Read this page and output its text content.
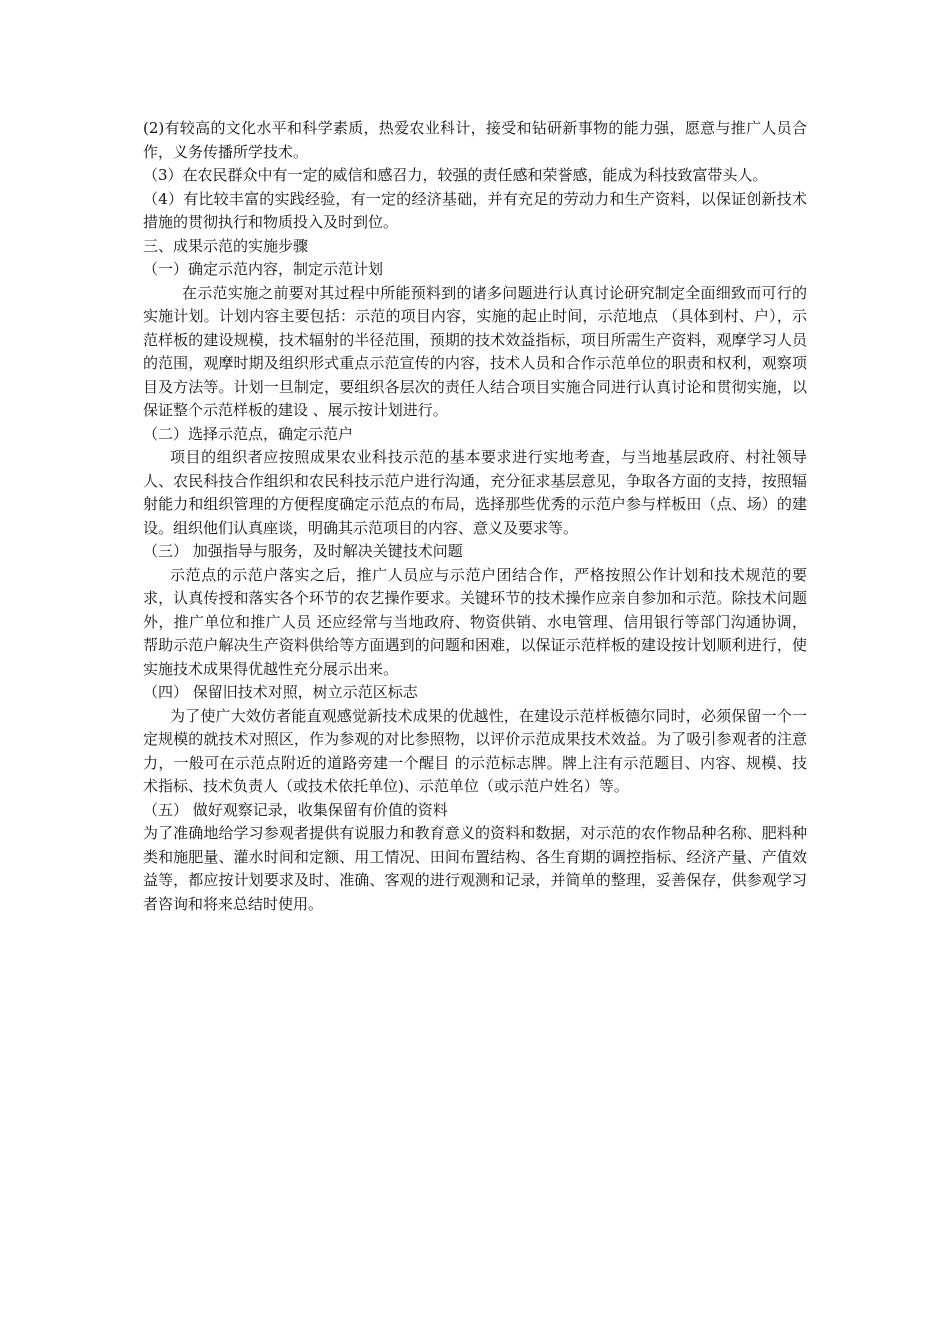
(2)有较高的文化水平和科学素质，热爱农业科计，接受和钻研新事物的能力强，愿意与推广人员合作，义务传播所学技术。

（3）在农民群众中有一定的威信和感召力，较强的责任感和荣誉感，能成为科技致富带头人。

（4）有比较丰富的实践经验，有一定的经济基础，并有充足的劳动力和生产资料，以保证创新技术措施的贯彻执行和物质投入及时到位。

三、成果示范的实施步骤

（一）确定示范内容，制定示范计划

在示范实施之前要对其过程中所能预料到的诸多问题进行认真讨论研究制定全面细致而可行的实施计划。计划内容主要包括：示范的项目内容，实施的起止时间，示范地点 （具体到村、户），示范样板的建设规模，技术辐射的半径范围，预期的技术效益指标，项目所需生产资料，观摩学习人员的范围，观摩时期及组织形式重点示范宣传的内容，技术人员和合作示范单位的职责和权利，观察项目及方法等。计划一旦制定，要组织各层次的责任人结合项目实施合同进行认真讨论和贯彻实施，以保证整个示范样板的建设 、展示按计划进行。

（二）选择示范点，确定示范户

项目的组织者应按照成果农业科技示范的基本要求进行实地考查，与当地基层政府、村社领导人、农民科技合作组织和农民科技示范户进行沟通，充分征求基层意见，争取各方面的支持，按照辐射能力和组织管理的方便程度确定示范点的布局，选择那些优秀的示范户参与样板田（点、场）的建设。组织他们认真座谈，明确其示范项目的内容、意义及要求等。

（三） 加强指导与服务，及时解决关键技术问题

示范点的示范户落实之后，推广人员应与示范户团结合作，严格按照公作计划和技术规范的要求，认真传授和落实各个环节的农艺操作要求。关键环节的技术操作应亲自参加和示范。除技术问题外，推广单位和推广人员 还应经常与当地政府、物资供销、水电管理、信用银行等部门沟通协调，帮助示范户解决生产资料供给等方面遇到的问题和困难，以保证示范样板的建设按计划顺利进行，使实施技术成果得优越性充分展示出来。

（四） 保留旧技术对照，树立示范区标志

为了使广大效仿者能直观感觉新技术成果的优越性，在建设示范样板德尔同时，必须保留一个一定规模的就技术对照区，作为参观的对比参照物，以评价示范成果技术效益。为了吸引参观者的注意力，一般可在示范点附近的道路旁建一个醒目 的示范标志牌。牌上注有示范题目、内容、规模、技术指标、技术负责人（或技术依托单位)、示范单位（或示范户姓名）等。

（五） 做好观察记录，收集保留有价值的资料

为了准确地给学习参观者提供有说服力和教育意义的资料和数据，对示范的农作物品种名称、肥料种类和施肥量、灌水时间和定额、用工情况、田间布置结构、各生育期的调控指标、经济产量、产值效益等，都应按计划要求及时、准确、客观的进行观测和记录，并简单的整理，妥善保存，供参观学习者咨询和将来总结时使用。
